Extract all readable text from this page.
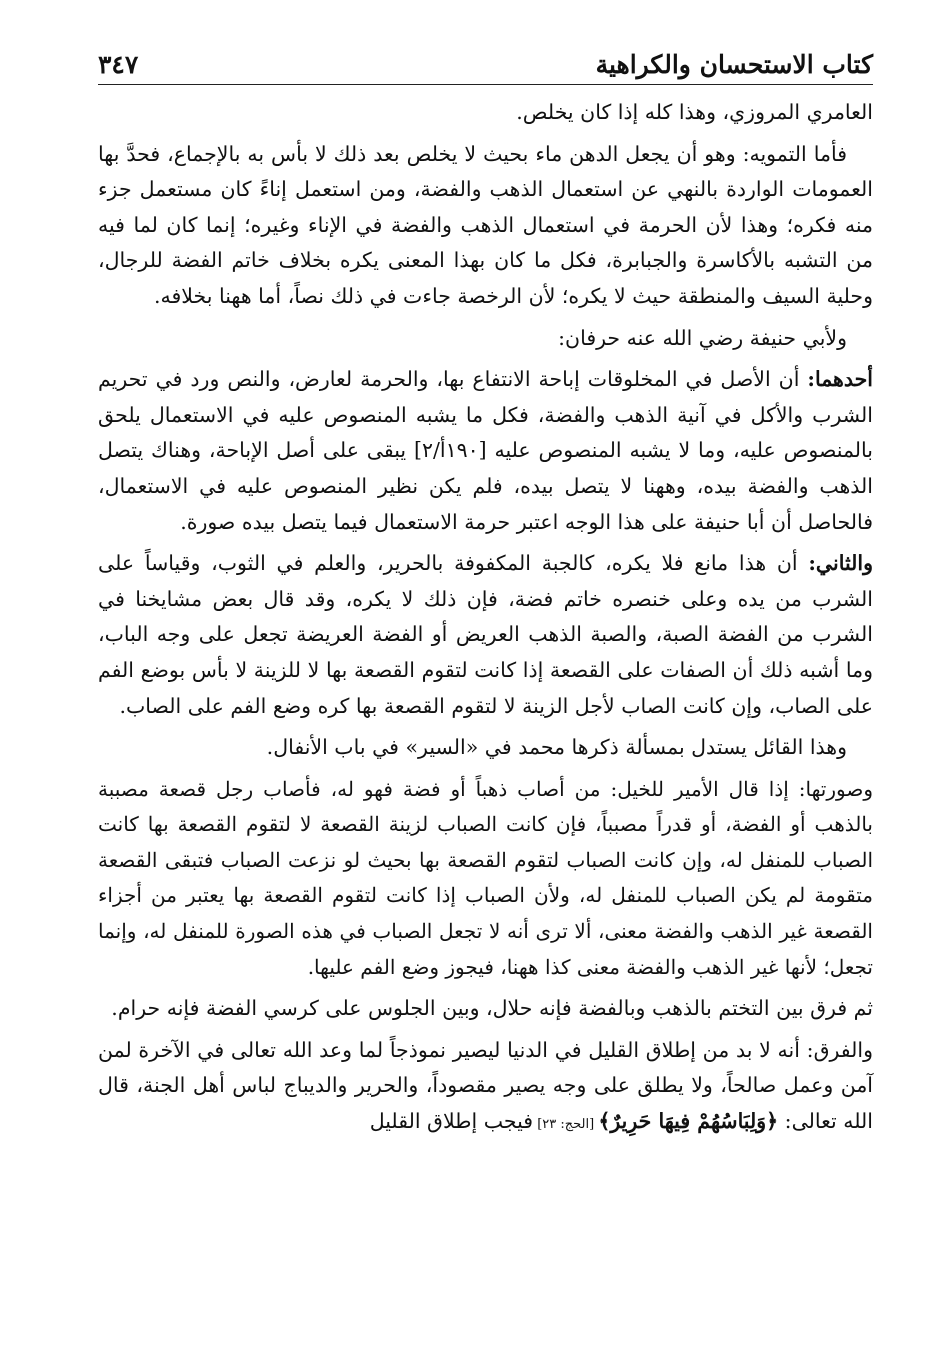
كتاب الاستحسان والكراهية
٣٤٧

العامري المروزي، وهذا كله إذا كان يخلص.

فأما التمويه: وهو أن يجعل الدهن ماء بحيث لا يخلص بعد ذلك لا بأس به بالإجماع، فحدَّ بها العمومات الواردة بالنهي عن استعمال الذهب والفضة، ومن استعمل إناءً كان مستعمل جزء منه فكره؛ وهذا لأن الحرمة في استعمال الذهب والفضة في الإناء وغيره؛ إنما كان لما فيه من التشبه بالأكاسرة والجبابرة، فكل ما كان بهذا المعنى يكره بخلاف خاتم الفضة للرجال، وحلية السيف والمنطقة حيث لا يكره؛ لأن الرخصة جاءت في ذلك نصاً، أما ههنا بخلافه.

ولأبي حنيفة رضي الله عنه حرفان:

أحدهما: أن الأصل في المخلوقات إباحة الانتفاع بها، والحرمة لعارض، والنص ورد في تحريم الشرب والأكل في آنية الذهب والفضة، فكل ما يشبه المنصوص عليه في الاستعمال يلحق بالمنصوص عليه، وما لا يشبه المنصوص عليه [١٩٠أ/٢] يبقى على أصل الإباحة، وهناك يتصل الذهب والفضة بيده، وههنا لا يتصل بيده، فلم يكن نظير المنصوص عليه في الاستعمال، فالحاصل أن أبا حنيفة على هذا الوجه اعتبر حرمة الاستعمال فيما يتصل بيده صورة.

والثاني: أن هذا مانع فلا يكره، كالجبة المكفوفة بالحرير، والعلم في الثوب، وقياساً على الشرب من يده وعلى خنصره خاتم فضة، فإن ذلك لا يكره، وقد قال بعض مشايخنا في الشرب من الفضة الصبة، والصبة الذهب العريض أو الفضة العريضة تجعل على وجه الباب، وما أشبه ذلك أن الصفات على القصعة إذا كانت لتقوم القصعة بها لا للزينة لا بأس بوضع الفم على الصاب، وإن كانت الصاب لأجل الزينة لا لتقوم القصعة بها كره وضع الفم على الصاب.

وهذا القائل يستدل بمسألة ذكرها محمد في «السير» في باب الأنفال.

وصورتها: إذا قال الأمير للخيل: من أصاب ذهباً أو فضة فهو له، فأصاب رجل قصعة مصببة بالذهب أو الفضة، أو قدراً مصبباً، فإن كانت الصباب لزينة القصعة لا لتقوم القصعة بها كانت الصباب للمنفل له، وإن كانت الصباب لتقوم القصعة بها بحيث لو نزعت الصباب فتبقى القصعة متقومة لم يكن الصباب للمنفل له، ولأن الصباب إذا كانت لتقوم القصعة بها يعتبر من أجزاء القصعة غير الذهب والفضة معنى، ألا ترى أنه لا تجعل الصباب في هذه الصورة للمنفل له، وإنما تجعل؛ لأنها غير الذهب والفضة معنى كذا ههنا، فيجوز وضع الفم عليها.

ثم فرق بين التختم بالذهب وبالفضة فإنه حلال، وبين الجلوس على كرسي الفضة فإنه حرام.

والفرق: أنه لا بد من إطلاق القليل في الدنيا ليصير نموذجاً لما وعد الله تعالى في الآخرة لمن آمن وعمل صالحاً، ولا يطلق على وجه يصير مقصوداً، والحرير والديباج لباس أهل الجنة، قال الله تعالى: ﴿وَلِبَاسُهُمْ فِيهَا حَرِيرٌ﴾ [الحج: ٢٣] فيجب إطلاق القليل
